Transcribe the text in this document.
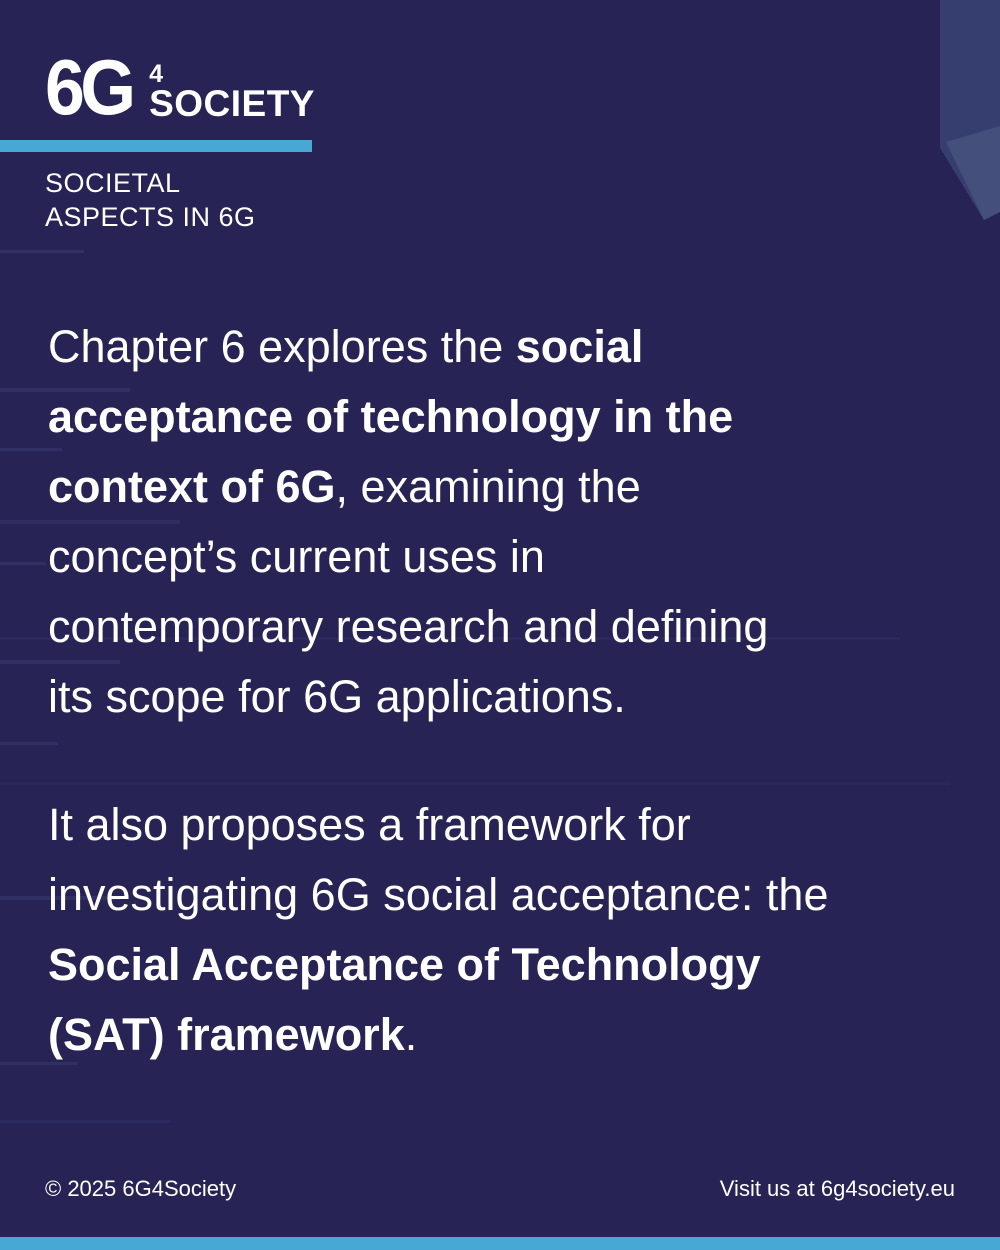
6G 4
SOCIETY
SOCIETAL
ASPECTS IN 6G
Chapter 6 explores the social
acceptance of technology in the
context of 6G, examining the
concept’s current uses in
contemporary research and defining
its scope for 6G applications.
It also proposes a framework for
investigating 6G social acceptance: the
Social Acceptance of Technology
(SAT) framework.
© 2025 6G4Society	Visit us at 6g4society.eu
